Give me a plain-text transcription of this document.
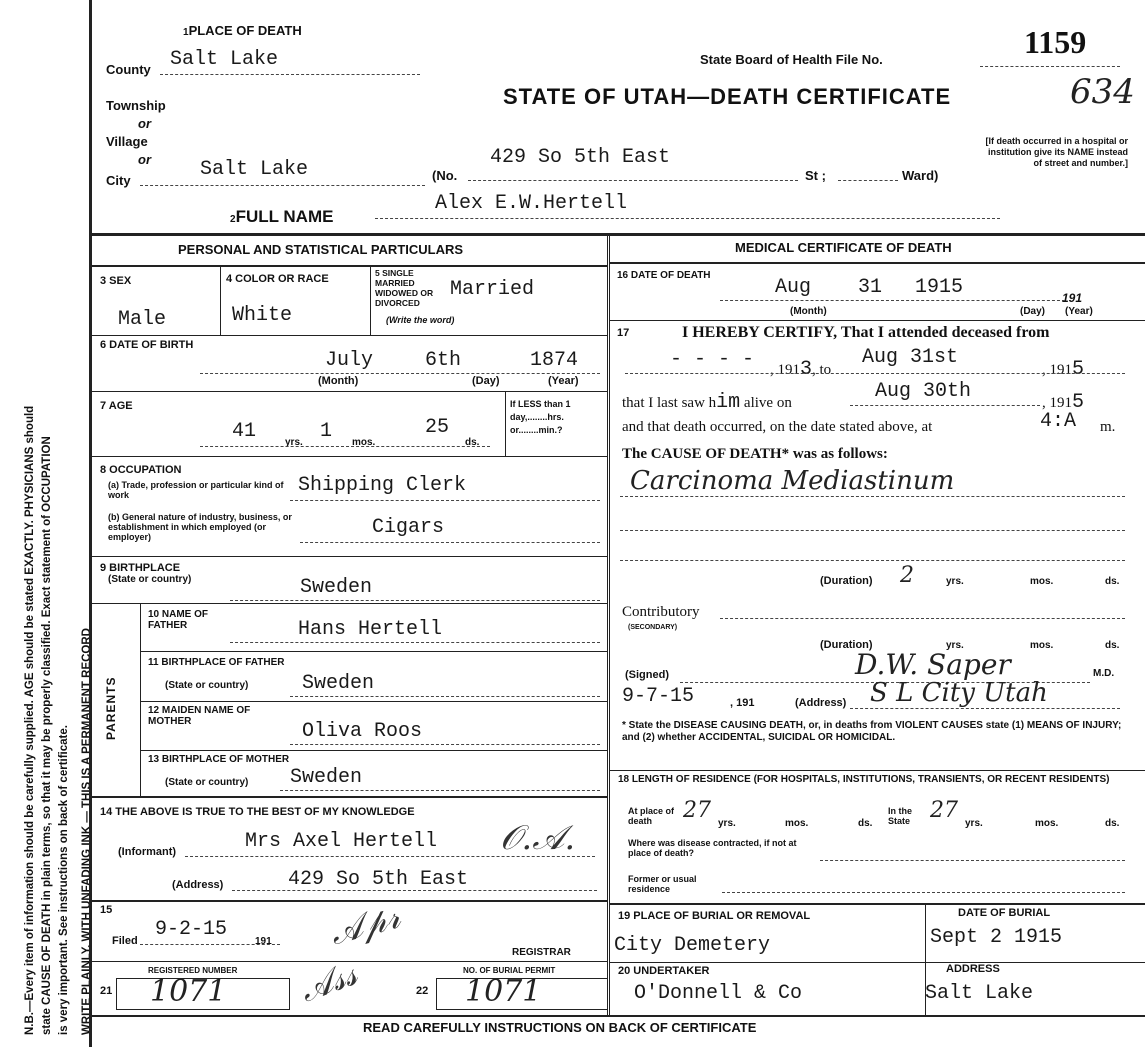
N.B.—Every item of information should be carefully supplied. AGE should be stated EXACTLY. PHYSICIANS should state CAUSE OF DEATH in plain terms, so that it may be properly classified. Exact statement of OCCUPATION is very important. See instructions on back of certificate. WRITE PLAINLY, WITH UNFADING INK — THIS IS A PERMANENT RECORD
1PLACE OF DEATH
County Salt Lake
Township
or
Village
or
City	Salt Lake	(No.
429 So 5th East
St ;	Ward)
[If death occurred in a hospital or institution give its NAME instead of street and number.]
State Board of Health File No.	1159
STATE OF UTAH—DEATH CERTIFICATE	634
2FULL NAME
Alex E.W.Hertell
PERSONAL AND STATISTICAL PARTICULARS
3 SEX
Male
4 COLOR OR RACE
White
5 SINGLE MARRIED WIDOWED OR DIVORCED
(Write the word)
Married
6 DATE OF BIRTH
July	6th	1874
(Month)	(Day)	(Year)
7 AGE
41	yrs. 1 mos.
25
ds.
If LESS than 1 day,........hrs. or........min.?
8 OCCUPATION
(a) Trade, profession or particular kind of work	Shipping Clerk
(b) General nature of industry, business, or establishment in which employed (or employer)	Cigars
9 BIRTHPLACE
(State or country)	Sweden
PARENTS
10 NAME OF FATHER	Hans Hertell
11 BIRTHPLACE OF FATHER
(State or country)	Sweden
12 MAIDEN NAME OF MOTHER	Oliva Roos
13 BIRTHPLACE OF MOTHER
(State or country) Sweden
14 THE ABOVE IS TRUE TO THE BEST OF MY KNOWLEDGE
(Informant)	Mrs Axel Hertell
(Address)	429 So 5th East
𝒪.𝒜.
15
Filed 9-2-15
191 𝒜𝓅𝓇	REGISTRAR
REGISTERED NUMBER
21 1071 𝒜𝓈𝓈	NO. OF BURIAL PERMIT
22 1071
MEDICAL CERTIFICATE OF DEATH
16 DATE OF DEATH
Aug 31 1915	191
(Month)	(Day) (Year)
17	I HEREBY CERTIFY, That I attended deceased from
- - - - , 1913, to
Aug 31st
, 1915
that I last saw him alive on	Aug 30th	, 1915
and that death occurred, on the date stated above, at	4:A m.
The CAUSE OF DEATH* was as follows:
Carcinoma Mediastinum
(Duration) 2	yrs.	mos.	ds.
Contributory
(SECONDARY)
(Duration)	yrs.	mos.	ds.
(Signed)	D.W. Saper	M.D.
9-7-15	, 191	(Address) S L City Utah
* State the DISEASE CAUSING DEATH, or, in deaths from VIOLENT CAUSES state (1) MEANS OF INJURY; and (2) whether ACCIDENTAL, SUICIDAL OR HOMICIDAL.
18 LENGTH OF RESIDENCE (FOR HOSPITALS, INSTITUTIONS, TRANSIENTS, OR RECENT RESIDENTS)
At place of death	27
yrs.	mos.	ds.
In the State 27
yrs.	mos.	ds.
Where was disease contracted, if not at place of death?
Former or usual residence
19 PLACE OF BURIAL OR REMOVAL
City Demetery
DATE OF BURIAL
Sept 2 1915
20 UNDERTAKER
O'Donnell & Co
ADDRESS
Salt Lake
READ CAREFULLY INSTRUCTIONS ON BACK OF CERTIFICATE
